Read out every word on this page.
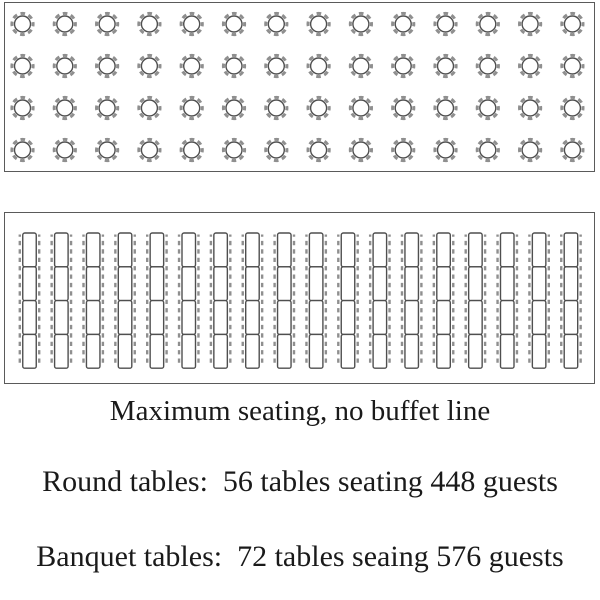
Maximum seating, no buffet line
Round tables:  56 tables seating 448 guests
Banquet tables:  72 tables seaing 576 guests
